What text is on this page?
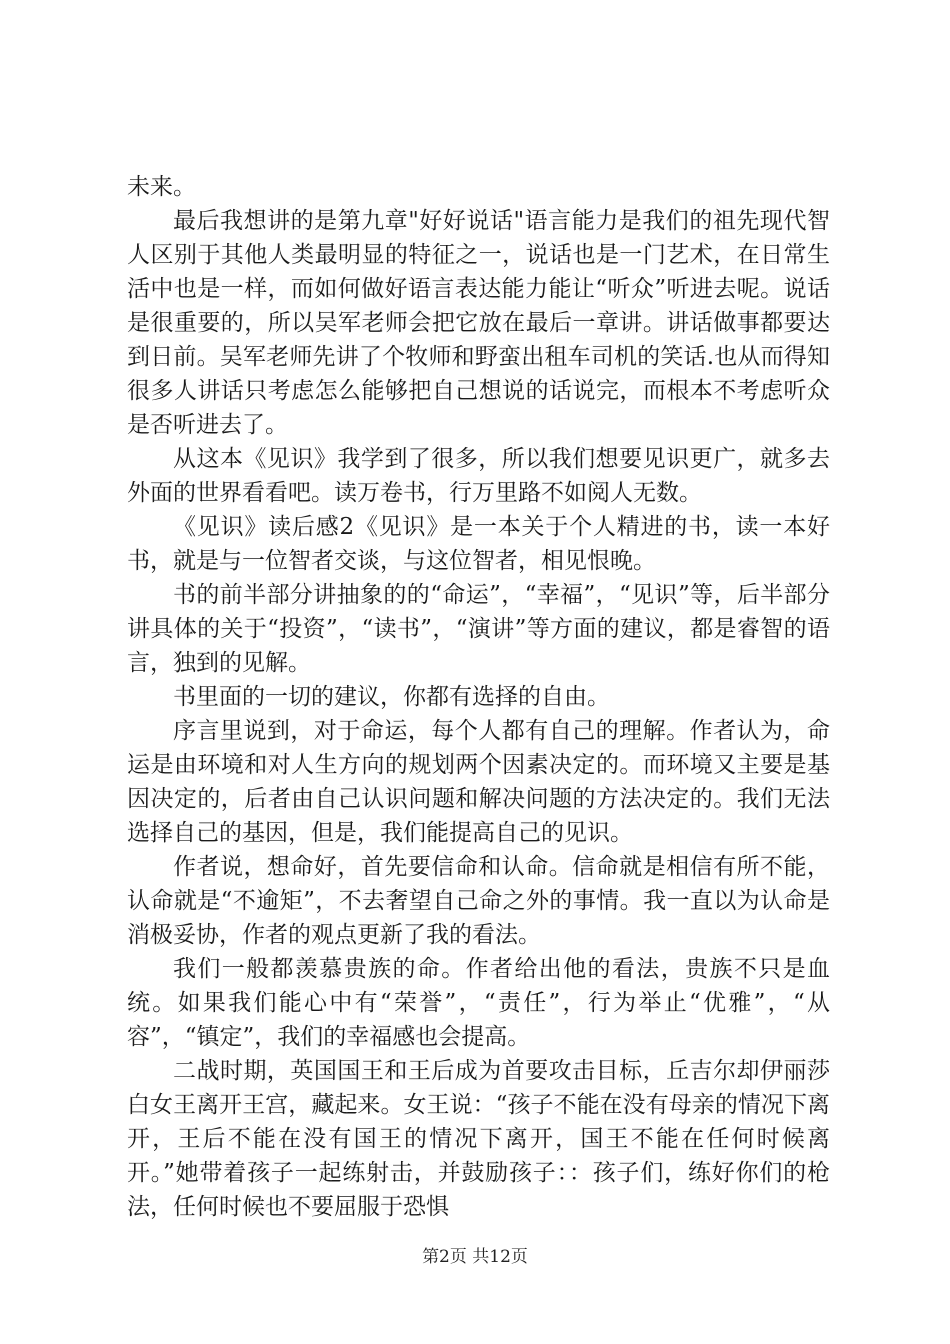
未来。

最后我想讲的是第九章"好好说话"语言能力是我们的祖先现代智人区别于其他人类最明显的特征之一，说话也是一门艺术，在日常生活中也是一样，而如何做好语言表达能力能让“听众”听进去呢。说话是很重要的，所以吴军老师会把它放在最后一章讲。讲话做事都要达到日前。吴军老师先讲了个牧师和野蛮出租车司机的笑话.也从而得知很多人讲话只考虑怎么能够把自己想说的话说完，而根本不考虑听众是否听进去了。

从这本《见识》我学到了很多，所以我们想要见识更广，就多去外面的世界看看吧。读万卷书，行万里路不如阅人无数。

《见识》读后感2《见识》是一本关于个人精进的书，读一本好书，就是与一位智者交谈，与这位智者，相见恨晚。

书的前半部分讲抽象的的“命运”，“幸福”，“见识”等，后半部分讲具体的关于“投资”，“读书”，“演讲”等方面的建议，都是睿智的语言，独到的见解。

书里面的一切的建议，你都有选择的自由。

序言里说到，对于命运，每个人都有自己的理解。作者认为，命运是由环境和对人生方向的规划两个因素决定的。而环境又主要是基因决定的，后者由自己认识问题和解决问题的方法决定的。我们无法选择自己的基因，但是，我们能提高自己的见识。

作者说，想命好，首先要信命和认命。信命就是相信有所不能，认命就是“不逾矩”，不去奢望自己命之外的事情。我一直以为认命是消极妥协，作者的观点更新了我的看法。

我们一般都羡慕贵族的命。作者给出他的看法，贵族不只是血统。如果我们能心中有“荣誉”，“责任”，行为举止“优雅”，“从容”，“镇定”，我们的幸福感也会提高。

二战时期，英国国王和王后成为首要攻击目标，丘吉尔却伊丽莎白女王离开王宫，藏起来。女王说：“孩子不能在没有母亲的情况下离开，王后不能在没有国王的情况下离开，国王不能在任何时候离开。”她带着孩子一起练射击，并鼓励孩子：：孩子们，练好你们的枪法，任何时候也不要屈服于恐惧

第2页 共12页
